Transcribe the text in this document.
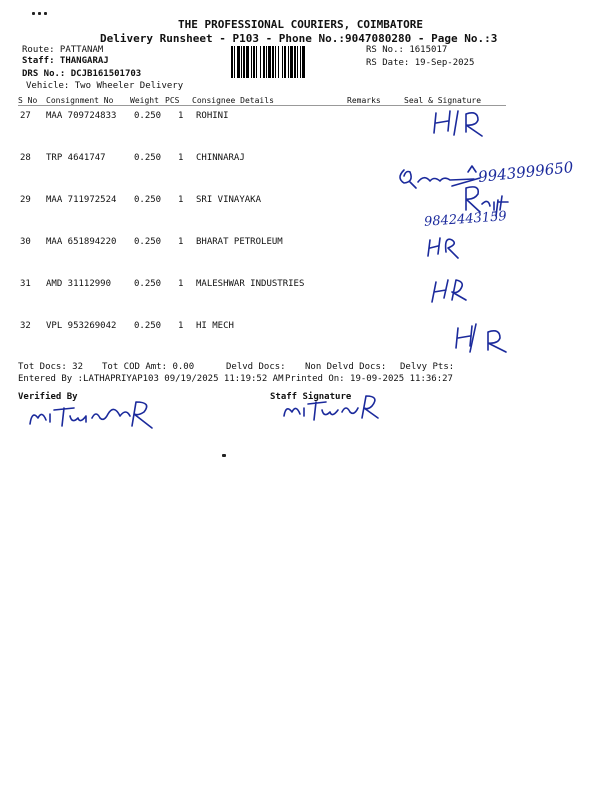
THE PROFESSIONAL COURIERS, COIMBATORE
Delivery Runsheet - P103 - Phone No.:9047080280 - Page No.:3
Route: PATTANAM
Staff: THANGARAJ
DRS No.: DCJB161501703
Vehicle: Two Wheeler Delivery
RS No.: 1615017
RS Date: 19-Sep-2025
S No Consignment No Weight PCS Consignee Details	Remarks	Seal & Signature
27 MAA 709724833 0.250 1 ROHINI
28 TRP 4641747	0.250 1 CHINNARAJ
29 MAA 711972524 0.250 1 SRI VINAYAKA
30 MAA 651894220 0.250 1 BHARAT PETROLEUM
31 AMD 31112990	0.250 1 MALESHWAR INDUSTRIES
32 VPL 953269042 0.250 1 HI MECH
9943999650
9842443159
Tot Docs: 32 Tot COD Amt: 0.00	Delvd Docs: Non Delvd Docs: Delvy Pts:
Entered By :LATHAPRIYAP103 09/19/2025 11:19:52 AM Printed On: 19-09-2025 11:36:27
Verified By	Staff Signature
